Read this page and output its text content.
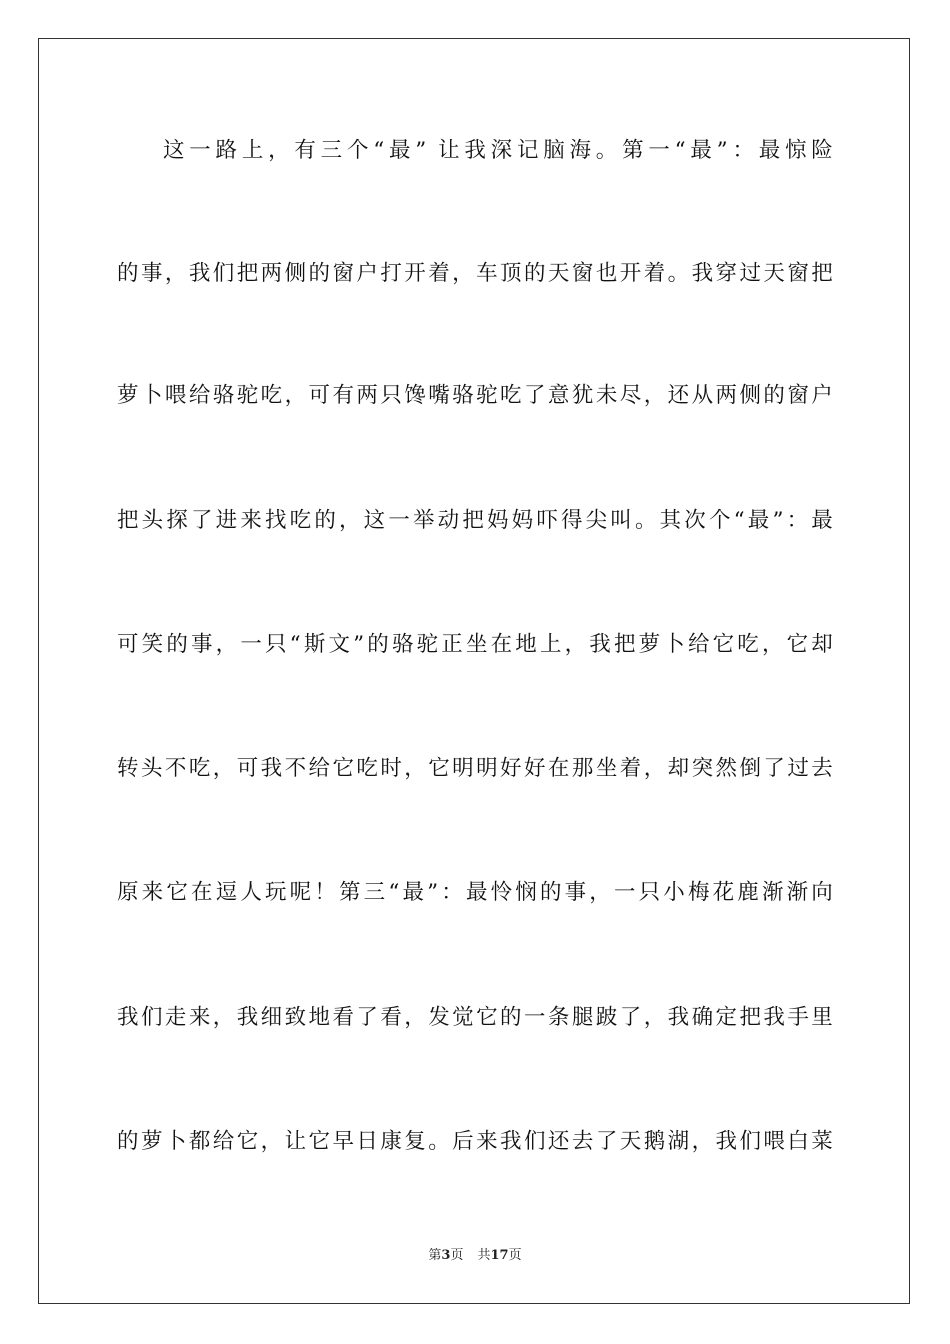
这一路上，有三个“最” 让我深记脑海。第一“最”：最惊险
的事，我们把两侧的窗户打开着，车顶的天窗也开着。我穿过天窗把
萝卜喂给骆驼吃，可有两只馋嘴骆驼吃了意犹未尽，还从两侧的窗户
把头探了进来找吃的，这一举动把妈妈吓得尖叫。其次个“最”：最
可笑的事，一只“斯文”的骆驼正坐在地上，我把萝卜给它吃，它却
转头不吃，可我不给它吃时，它明明好好在那坐着，却突然倒了过去
原来它在逗人玩呢！第三“最”：最怜悯的事，一只小梅花鹿渐渐向
我们走来，我细致地看了看，发觉它的一条腿跛了，我确定把我手里
的萝卜都给它，让它早日康复。后来我们还去了天鹅湖，我们喂白菜
第3页 共17页
